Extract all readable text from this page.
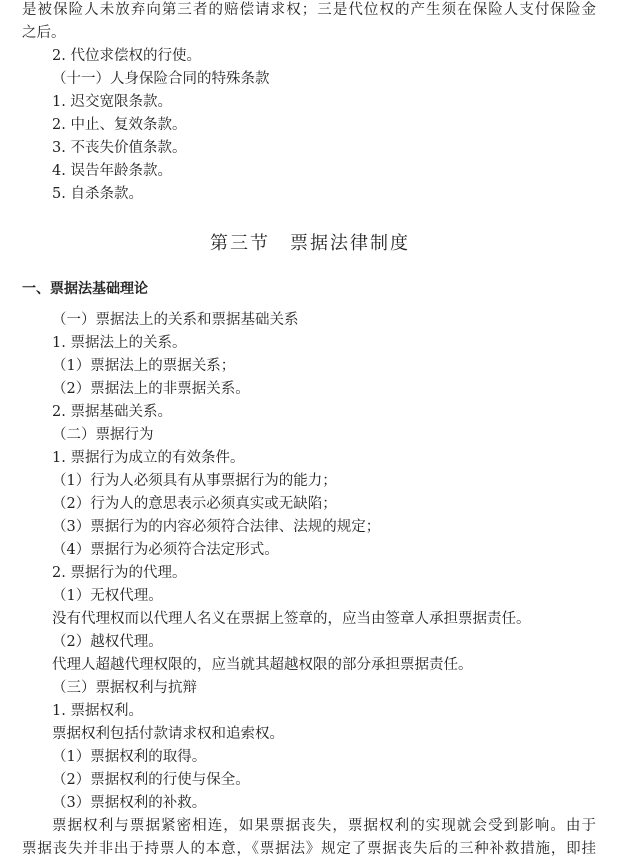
是被保险人未放弃向第三者的赔偿请求权；三是代位权的产生须在保险人支付保险金
之后。
2. 代位求偿权的行使。
（十一）人身保险合同的特殊条款
1. 迟交宽限条款。
2. 中止、复效条款。
3. 不丧失价值条款。
4. 误告年龄条款。
5. 自杀条款。
第三节　票据法律制度
一、票据法基础理论
（一）票据法上的关系和票据基础关系
1. 票据法上的关系。
（1）票据法上的票据关系；
（2）票据法上的非票据关系。
2. 票据基础关系。
（二）票据行为
1. 票据行为成立的有效条件。
（1）行为人必须具有从事票据行为的能力；
（2）行为人的意思表示必须真实或无缺陷；
（3）票据行为的内容必须符合法律、法规的规定；
（4）票据行为必须符合法定形式。
2. 票据行为的代理。
（1）无权代理。
没有代理权而以代理人名义在票据上签章的，应当由签章人承担票据责任。
（2）越权代理。
代理人超越代理权限的，应当就其超越权限的部分承担票据责任。
（三）票据权利与抗辩
1. 票据权利。
票据权利包括付款请求权和追索权。
（1）票据权利的取得。
（2）票据权利的行使与保全。
（3）票据权利的补救。
票据权利与票据紧密相连，如果票据丧失，票据权利的实现就会受到影响。由于
票据丧失并非出于持票人的本意，《票据法》规定了票据丧失后的三种补救措施，即挂
